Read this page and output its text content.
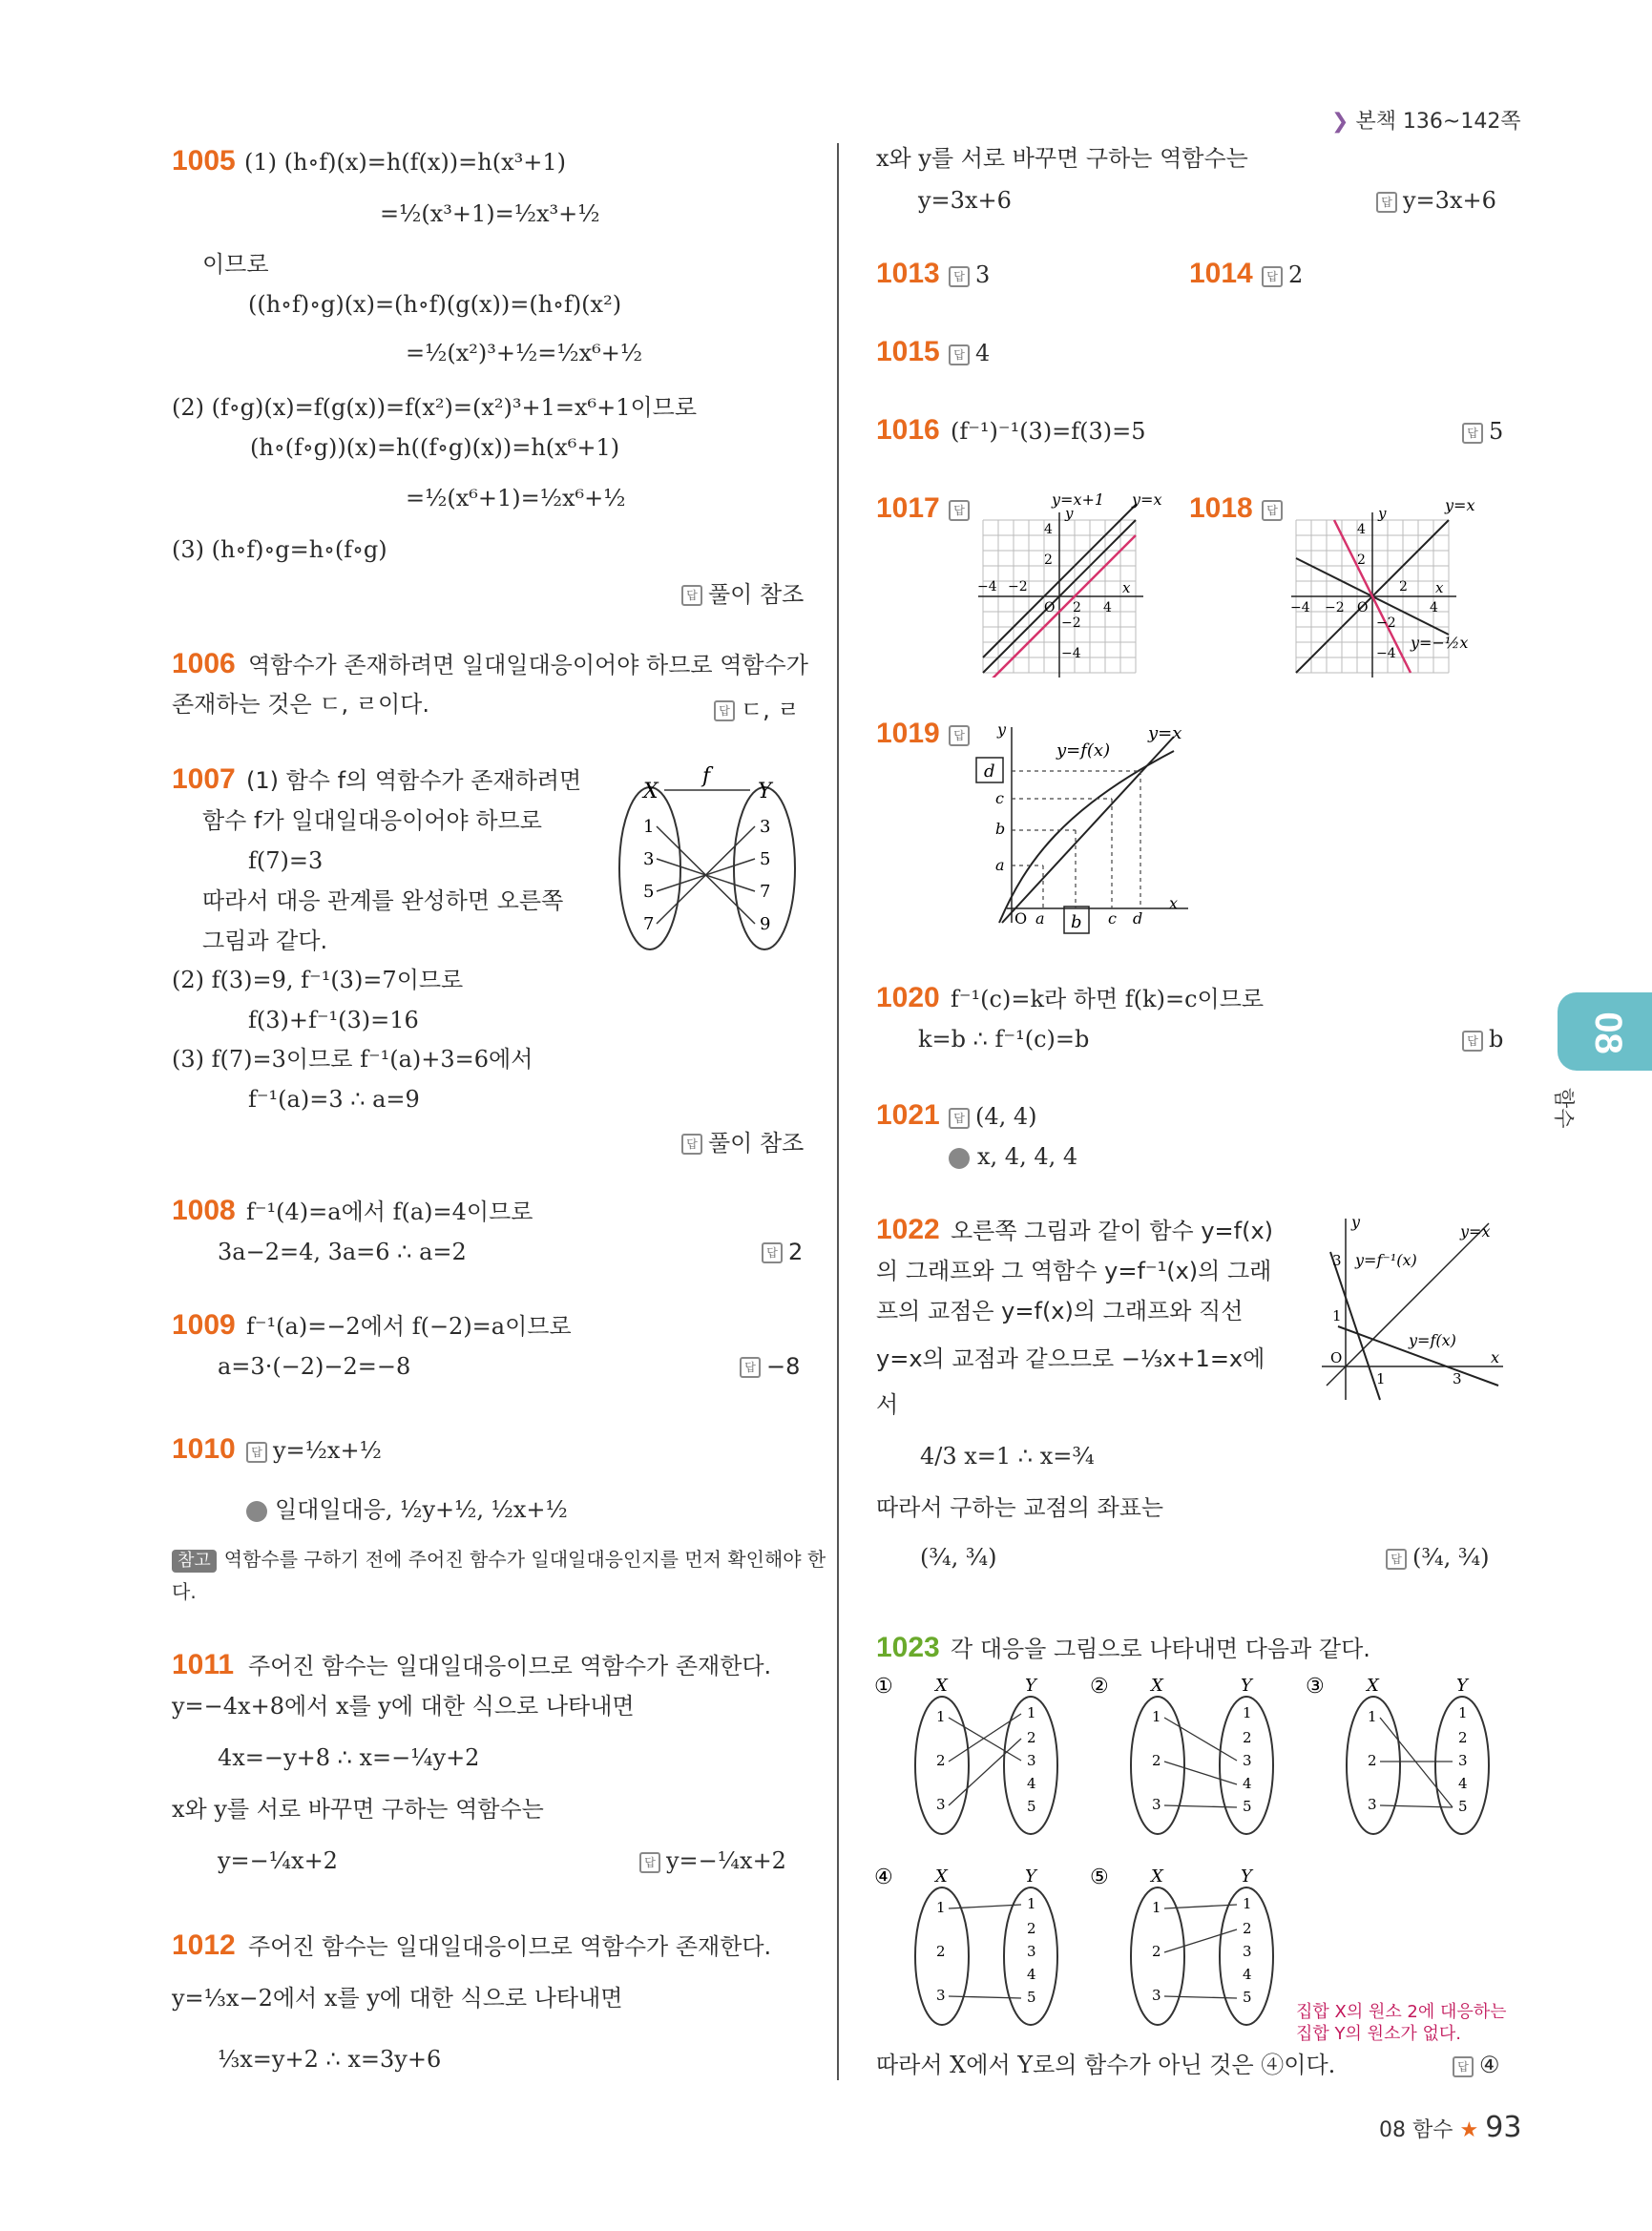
❯ 본책 136~142쪽
08
함수
08 함수 ★ 93
1005 (1) (h∘f)(x)=h(f(x))=h(x³+1)
=½(x³+1)=½x³+½
이므로
((h∘f)∘g)(x)=(h∘f)(g(x))=(h∘f)(x²)
=½(x²)³+½=½x⁶+½
(2) (f∘g)(x)=f(g(x))=f(x²)=(x²)³+1=x⁶+1이므로
(h∘(f∘g))(x)=h((f∘g)(x))=h(x⁶+1)
=½(x⁶+1)=½x⁶+½
(3) (h∘f)∘g=h∘(f∘g)
답 풀이 참조
1006 역함수가 존재하려면 일대일대응이어야 하므로 역함수가
존재하는 것은 ㄷ, ㄹ이다.	답 ㄷ, ㄹ
1007 (1) 함수 f의 역함수가 존재하려면
함수 f가 일대일대응이어야 하므로
f(7)=3
따라서 대응 관계를 완성하면 오른쪽
그림과 같다.
(2) f(3)=9, f⁻¹(3)=7이므로
f(3)+f⁻¹(3)=16
(3) f(7)=3이므로 f⁻¹(a)+3=6에서
f⁻¹(a)=3 ∴ a=9
답 풀이 참조
X	Y
f
1
3
5
7
3
5
7
9
1008 f⁻¹(4)=a에서 f(a)=4이므로
3a−2=4, 3a=6 ∴ a=2	답 2
1009 f⁻¹(a)=−2에서 f(−2)=a이므로
a=3·(−2)−2=−8	답 −8
1010	답 y=½x+½
일대일대응, ½y+½, ½x+½
참고 역함수를 구하기 전에 주어진 함수가 일대일대응인지를 먼저 확인해야 한
다.
1011 주어진 함수는 일대일대응이므로 역함수가 존재한다.
y=−4x+8에서 x를 y에 대한 식으로 나타내면
4x=−y+8 ∴ x=−¼y+2
x와 y를 서로 바꾸면 구하는 역함수는
y=−¼x+2	답 y=−¼x+2
1012 주어진 함수는 일대일대응이므로 역함수가 존재한다.
y=⅓x−2에서 x를 y에 대한 식으로 나타내면
⅓x=y+2 ∴ x=3y+6
x와 y를 서로 바꾸면 구하는 역함수는
y=3x+6	답 y=3x+6
1013	답 3	1014	답 2
1015	답 4
1016 (f⁻¹)⁻¹(3)=f(3)=5	답 5
1017	답
y=x+1 y=x
y
x
4
2
−4 −2
O 2 4
−2
−4
1018	답	y=x
y=−½x
y
x
4
2
−4 −2 O
2
4
−2
−4
1019	답
y=f(x)
y=x
y
x
d
c
b
a
O a b c d
1020 f⁻¹(c)=k라 하면 f(k)=c이므로
k=b ∴ f⁻¹(c)=b	답 b
1021	답 (4, 4)
x, 4, 4, 4
1022 오른쪽 그림과 같이 함수 y=f(x)
의 그래프와 그 역함수 y=f⁻¹(x)의 그래
프의 교점은 y=f(x)의 그래프와 직선
y=x의 교점과 같으므로 −⅓x+1=x에
서
4/3 x=1 ∴ x=¾
따라서 구하는 교점의 좌표는
(¾, ¾)	답 (¾, ¾)
y=f⁻¹(x)
y=x
y=f(x)
3
1
O
1	3
x
y
1023 각 대응을 그림으로 나타내면 다음과 같다.
따라서 X에서 Y로의 함수가 아닌 것은 ④이다.	답 ④
집합 X의 원소 2에 대응하는
집합 Y의 원소가 없다.
① X	Y
1
2
3
1
2
3
4
5
② X	Y
1
2
3
1
2
3
4
5
③ X	Y
1
2
3
1
2
3
4
5
④ X	Y
1
2
3
1
2
3
4
5
⑤ X	Y
1
2
3
1
2
3
4
5
